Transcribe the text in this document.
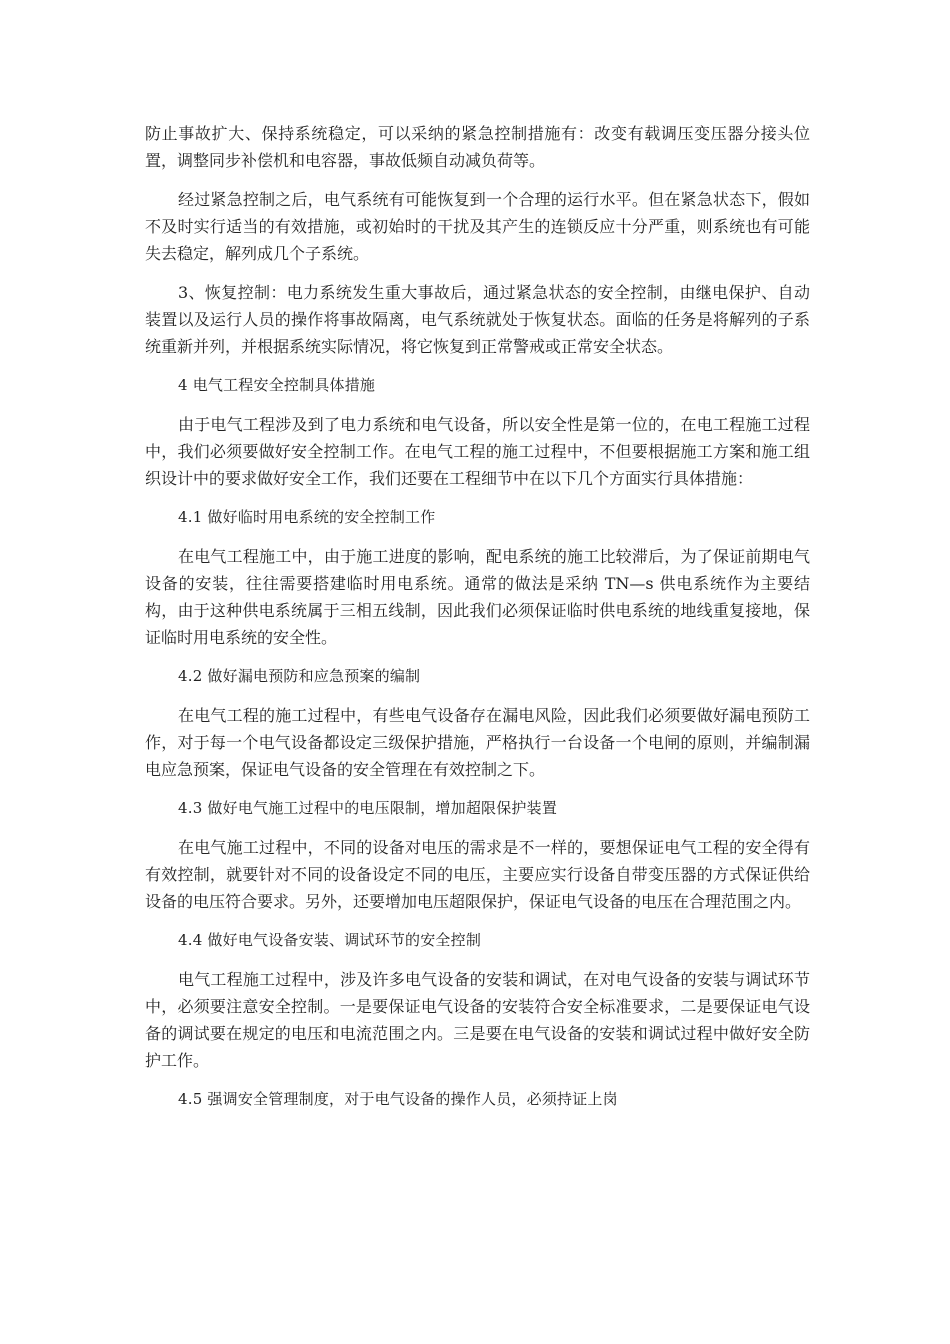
防止事故扩大、保持系统稳定，可以采纳的紧急控制措施有：改变有载调压变压器分接头位置，调整同步补偿机和电容器，事故低频自动减负荷等。

经过紧急控制之后，电气系统有可能恢复到一个合理的运行水平。但在紧急状态下，假如不及时实行适当的有效措施，或初始时的干扰及其产生的连锁反应十分严重，则系统也有可能失去稳定，解列成几个子系统。

3、恢复控制：电力系统发生重大事故后，通过紧急状态的安全控制，由继电保护、自动装置以及运行人员的操作将事故隔离，电气系统就处于恢复状态。面临的任务是将解列的子系统重新并列，并根据系统实际情况，将它恢复到正常警戒或正常安全状态。

4 电气工程安全控制具体措施

由于电气工程涉及到了电力系统和电气设备，所以安全性是第一位的，在电工程施工过程中，我们必须要做好安全控制工作。在电气工程的施工过程中，不但要根据施工方案和施工组织设计中的要求做好安全工作，我们还要在工程细节中在以下几个方面实行具体措施：

4.1 做好临时用电系统的安全控制工作

在电气工程施工中，由于施工进度的影响，配电系统的施工比较滞后，为了保证前期电气设备的安装，往往需要搭建临时用电系统。通常的做法是采纳 TN—s 供电系统作为主要结构，由于这种供电系统属于三相五线制，因此我们必须保证临时供电系统的地线重复接地，保证临时用电系统的安全性。

4.2 做好漏电预防和应急预案的编制

在电气工程的施工过程中，有些电气设备存在漏电风险，因此我们必须要做好漏电预防工作，对于每一个电气设备都设定三级保护措施，严格执行一台设备一个电闸的原则，并编制漏电应急预案，保证电气设备的安全管理在有效控制之下。

4.3 做好电气施工过程中的电压限制，增加超限保护装置

在电气施工过程中，不同的设备对电压的需求是不一样的，要想保证电气工程的安全得有有效控制，就要针对不同的设备设定不同的电压，主要应实行设备自带变压器的方式保证供给设备的电压符合要求。另外，还要增加电压超限保护，保证电气设备的电压在合理范围之内。

4.4 做好电气设备安装、调试环节的安全控制

电气工程施工过程中，涉及许多电气设备的安装和调试，在对电气设备的安装与调试环节中，必须要注意安全控制。一是要保证电气设备的安装符合安全标准要求，二是要保证电气设备的调试要在规定的电压和电流范围之内。三是要在电气设备的安装和调试过程中做好安全防护工作。

4.5 强调安全管理制度，对于电气设备的操作人员，必须持证上岗
